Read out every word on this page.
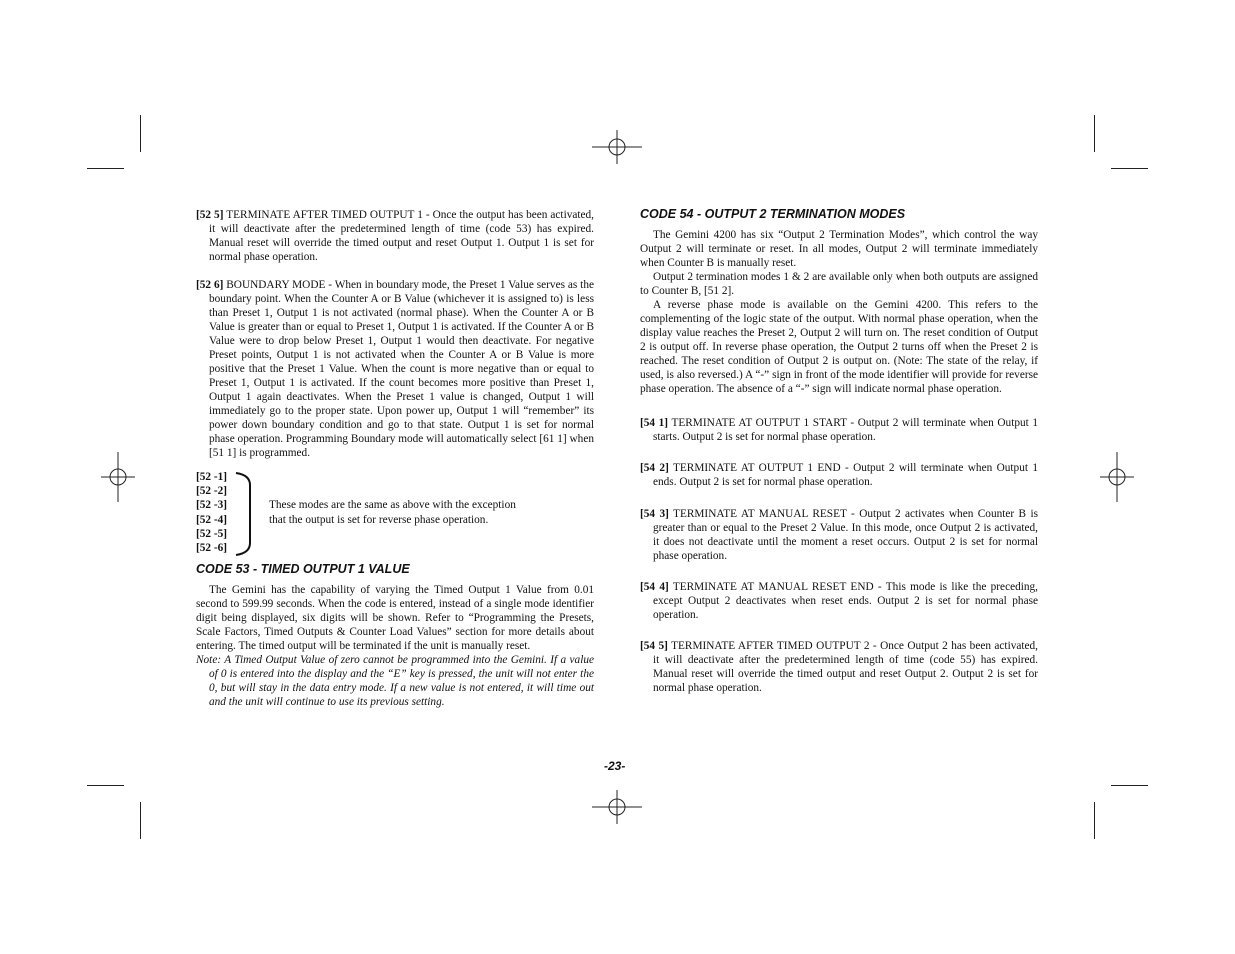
[52 5] TERMINATE AFTER TIMED OUTPUT 1 - Once the output has been activated, it will deactivate after the predetermined length of time (code 53) has expired. Manual reset will override the timed output and reset Output 1. Output 1 is set for normal phase operation.

[52 6] BOUNDARY MODE - When in boundary mode, the Preset 1 Value serves as the boundary point. When the Counter A or B Value (whichever it is assigned to) is less than Preset 1, Output 1 is not activated (normal phase). When the Counter A or B Value is greater than or equal to Preset 1, Output 1 is activated. If the Counter A or B Value were to drop below Preset 1, Output 1 would then deactivate. For negative Preset points, Output 1 is not activated when the Counter A or B Value is more positive that the Preset 1 Value. When the count is more negative than or equal to Preset 1, Output 1 is activated. If the count becomes more positive than Preset 1, Output 1 again deactivates. When the Preset 1 value is changed, Output 1 will immediately go to the proper state. Upon power up, Output 1 will “remember” its power down boundary condition and go to that state. Output 1 is set for normal phase operation. Programming Boundary mode will automatically select [61 1] when [51 1] is programmed.

[52 -1]
[52 -2]
[52 -3]
[52 -4]
[52 -5]
[52 -6]
These modes are the same as above with the exception
that the output is set for reverse phase operation.

CODE 53 - TIMED OUTPUT 1 VALUE

The Gemini has the capability of varying the Timed Output 1 Value from 0.01 second to 599.99 seconds. When the code is entered, instead of a single mode identifier digit being displayed, six digits will be shown. Refer to “Programming the Presets, Scale Factors, Timed Outputs & Counter Load Values” section for more details about entering. The timed output will be terminated if the unit is manually reset.

Note: A Timed Output Value of zero cannot be programmed into the Gemini. If a value of 0 is entered into the display and the “E” key is pressed, the unit will not enter the 0, but will stay in the data entry mode. If a new value is not entered, it will time out and the unit will continue to use its previous setting.

CODE 54 - OUTPUT 2 TERMINATION MODES

The Gemini 4200 has six “Output 2 Termination Modes”, which control the way Output 2 will terminate or reset. In all modes, Output 2 will terminate immediately when Counter B is manually reset.

Output 2 termination modes 1 & 2 are available only when both outputs are assigned to Counter B, [51 2].

A reverse phase mode is available on the Gemini 4200. This refers to the complementing of the logic state of the output. With normal phase operation, when the display value reaches the Preset 2, Output 2 will turn on. The reset condition of Output 2 is output off. In reverse phase operation, the Output 2 turns off when the Preset 2 is reached. The reset condition of Output 2 is output on. (Note: The state of the relay, if used, is also reversed.) A “-” sign in front of the mode identifier will provide for reverse phase operation. The absence of a “-” sign will indicate normal phase operation.

[54 1] TERMINATE AT OUTPUT 1 START - Output 2 will terminate when Output 1 starts. Output 2 is set for normal phase operation.

[54 2] TERMINATE AT OUTPUT 1 END - Output 2 will terminate when Output 1 ends. Output 2 is set for normal phase operation.

[54 3] TERMINATE AT MANUAL RESET - Output 2 activates when Counter B is greater than or equal to the Preset 2 Value. In this mode, once Output 2 is activated, it does not deactivate until the moment a reset occurs. Output 2 is set for normal phase operation.

[54 4] TERMINATE AT MANUAL RESET END - This mode is like the preceding, except Output 2 deactivates when reset ends. Output 2 is set for normal phase operation.

[54 5] TERMINATE AFTER TIMED OUTPUT 2 - Once Output 2 has been activated, it will deactivate after the predetermined length of time (code 55) has expired. Manual reset will override the timed output and reset Output 2. Output 2 is set for normal phase operation.

-23-
